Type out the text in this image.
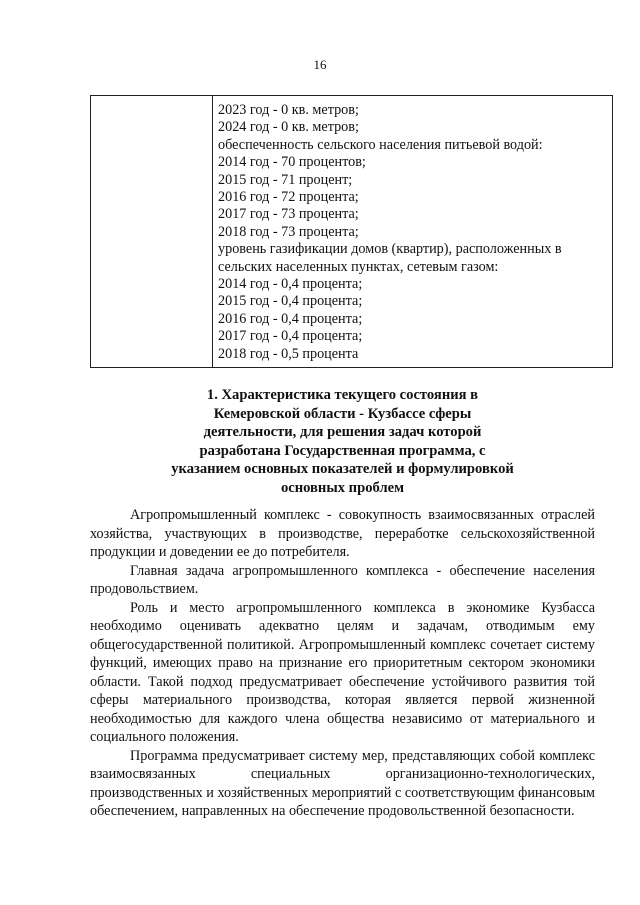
16
2023 год - 0 кв. метров;
2024 год - 0 кв. метров;
обеспеченность сельского населения питьевой водой:
2014 год - 70 процентов;
2015 год - 71 процент;
2016 год - 72 процента;
2017 год - 73 процента;
2018 год - 73 процента;
уровень газификации домов (квартир), расположенных в
сельских населенных пунктах, сетевым газом:
2014 год - 0,4 процента;
2015 год - 0,4 процента;
2016 год - 0,4 процента;
2017 год - 0,4 процента;
2018 год - 0,5 процента
1. Характеристика текущего состояния в
Кемеровской области - Кузбассе сферы
деятельности, для решения задач которой
разработана Государственная программа, с
указанием основных показателей и формулировкой
основных проблем

Агропромышленный комплекс - совокупность взаимосвязанных отраслей хозяйства, участвующих в производстве, переработке сельскохозяйственной продукции и доведении ее до потребителя.

Главная задача агропромышленного комплекса - обеспечение населения продовольствием.

Роль и место агропромышленного комплекса в экономике Кузбасса необходимо оценивать адекватно целям и задачам, отводимым ему общегосударственной политикой. Агропромышленный комплекс сочетает систему функций, имеющих право на признание его приоритетным сектором экономики области. Такой подход предусматривает обеспечение устойчивого развития той сферы материального производства, которая является первой жизненной необходимостью для каждого члена общества независимо от материального и социального положения.

Программа предусматривает систему мер, представляющих собой комплекс взаимосвязанных специальных организационно-технологических, производственных и хозяйственных мероприятий с соответствующим финансовым обеспечением, направленных на обеспечение продовольственной безопасности.
